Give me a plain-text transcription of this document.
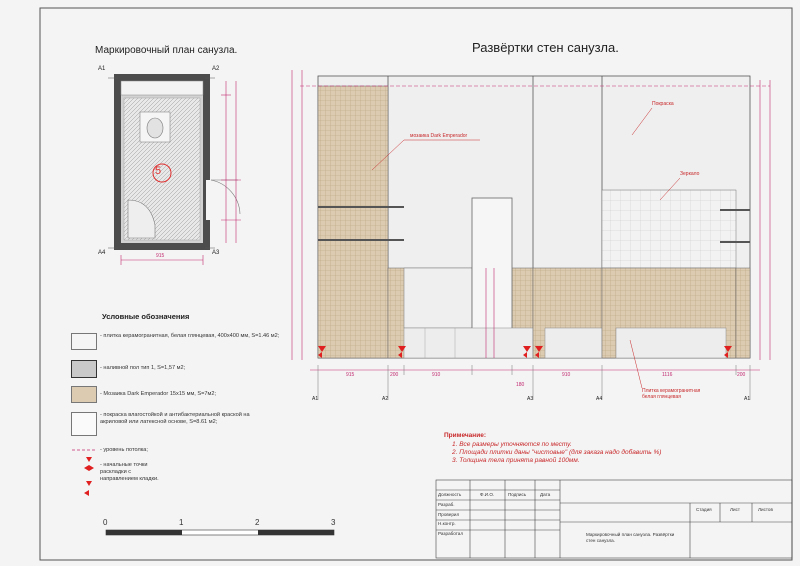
Маркировочный план санузла.	Развёртки стен санузла.
5
A1	A2
A3
A4	915
мозаика Dark Emperador
Покраска
Зеркало
Плитка керамогранитная белая глянцевая
915	200	910
180
910	1116	200
A1	A2	A3	A4	A1
Условные обозначения
- плитка керамогранитная, белая глянцевая, 400х400 мм, S=1.46 м2;
- наливной пол тип 1, S=1,57 м2;
- Мозаика Dark Emperador 15х15 мм, S=7м2;
- покраска влагостойкой и антибактериальной краской на акриловой или латексной основе, S=8.61 м2;
- уровень потолка;
- начальные точки раскладки с направлением кладки.
Примечание:
1. Все размеры уточняются по месту.
2. Площади плитки даны "чистовые" (для заказа надо добавить %)
3. Толщина тела принята равной 100мм.
0	1	2	3
Должность	Ф.И.О.	Подпись	Дата
Разраб.
Проверил
Н.контр.
Разработал
Стадия	Лист	Листов
Маркировочный план санузла. Развёртки стен санузла.
